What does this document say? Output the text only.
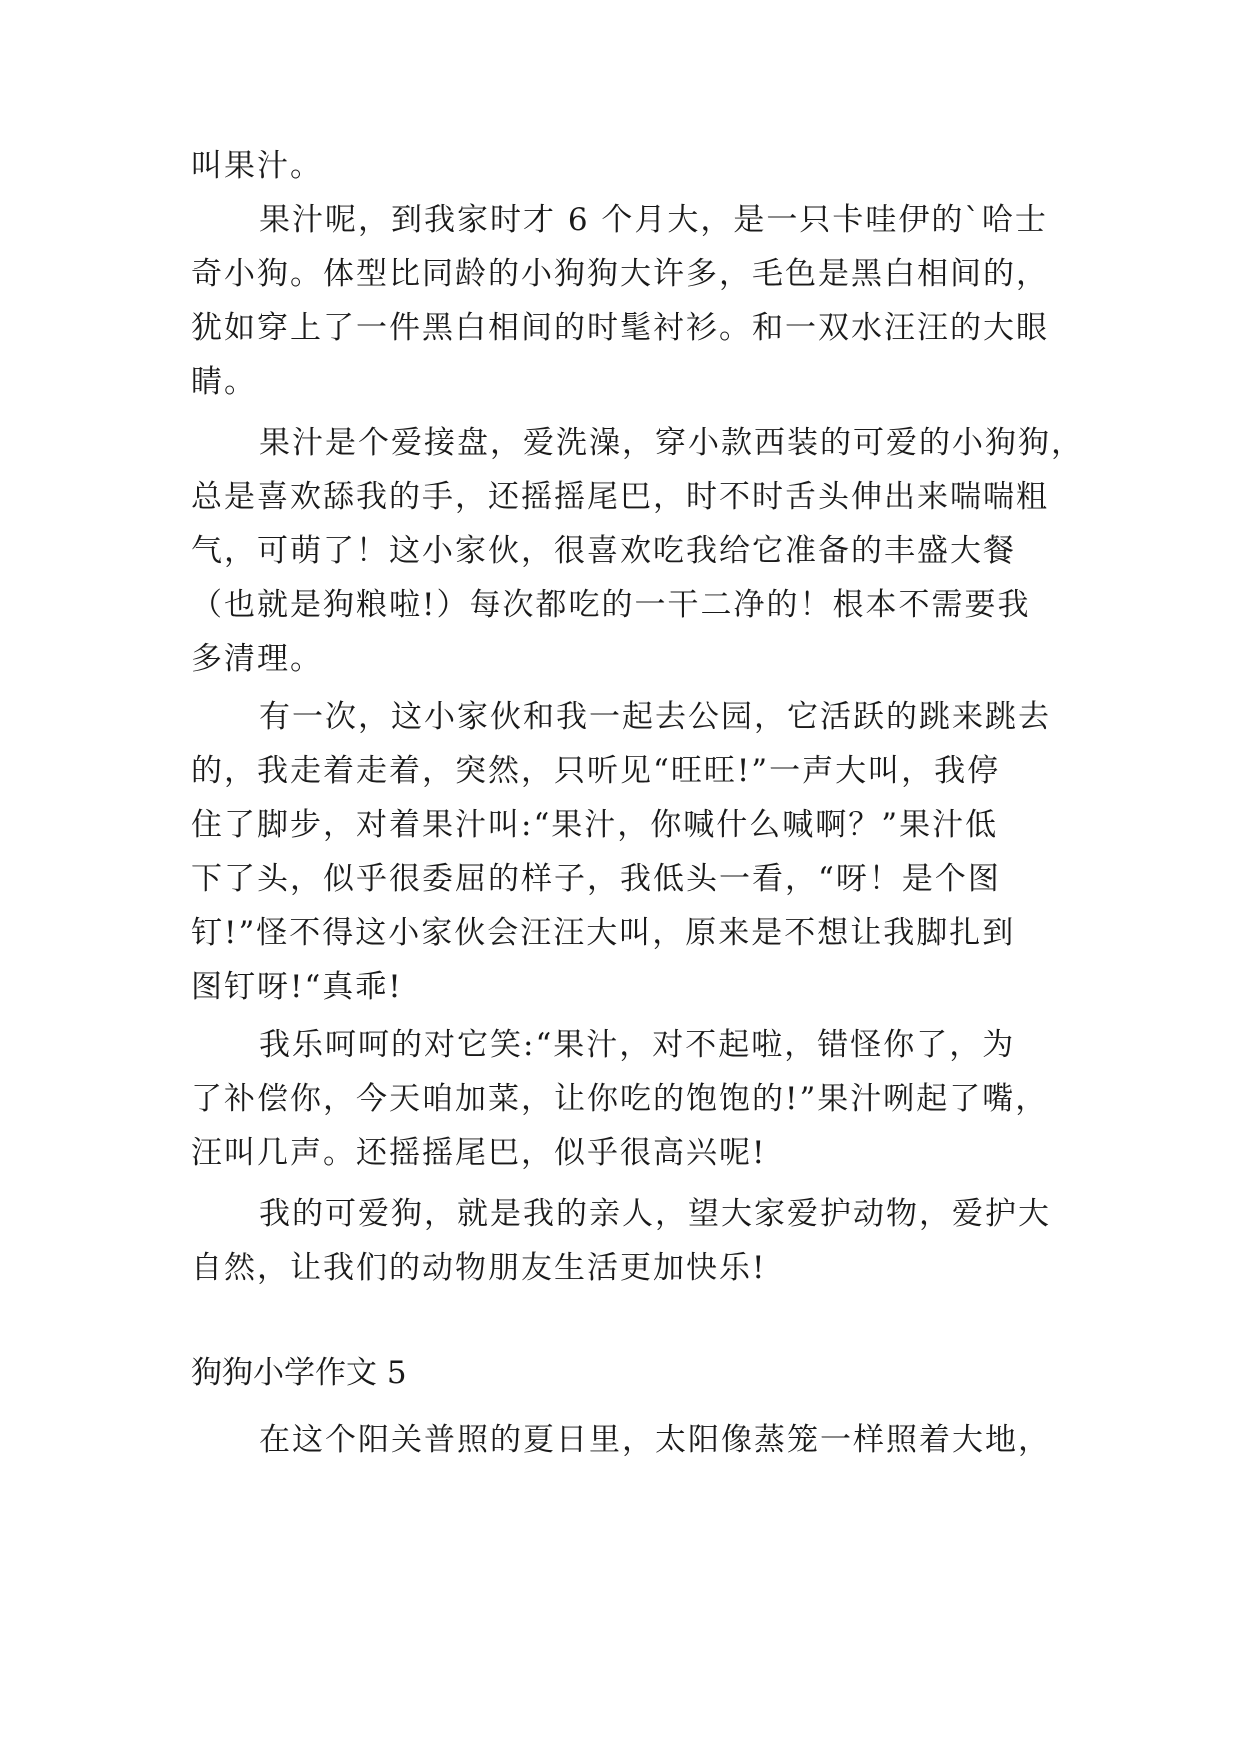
叫果汁。
果汁呢，到我家时才 6 个月大，是一只卡哇伊的`哈士
奇小狗。体型比同龄的小狗狗大许多，毛色是黑白相间的，
犹如穿上了一件黑白相间的时髦衬衫。和一双水汪汪的大眼
睛。
果汁是个爱接盘，爱洗澡，穿小款西装的可爱的小狗狗，
总是喜欢舔我的手，还摇摇尾巴，时不时舌头伸出来喘喘粗
气，可萌了！这小家伙，很喜欢吃我给它准备的丰盛大餐
（也就是狗粮啦!）每次都吃的一干二净的！根本不需要我
多清理。
有一次，这小家伙和我一起去公园，它活跃的跳来跳去
的，我走着走着，突然，只听见“旺旺!”一声大叫，我停
住了脚步，对着果汁叫:“果汁，你喊什么喊啊？”果汁低
下了头，似乎很委屈的样子，我低头一看，“呀！是个图
钉!”怪不得这小家伙会汪汪大叫，原来是不想让我脚扎到
图钉呀!“真乖!
我乐呵呵的对它笑:“果汁，对不起啦，错怪你了，为
了补偿你，今天咱加菜，让你吃的饱饱的!”果汁咧起了嘴，
汪叫几声。还摇摇尾巴，似乎很高兴呢!
我的可爱狗，就是我的亲人，望大家爱护动物，爱护大
自然，让我们的动物朋友生活更加快乐!
狗狗小学作文 5
在这个阳关普照的夏日里，太阳像蒸笼一样照着大地，
